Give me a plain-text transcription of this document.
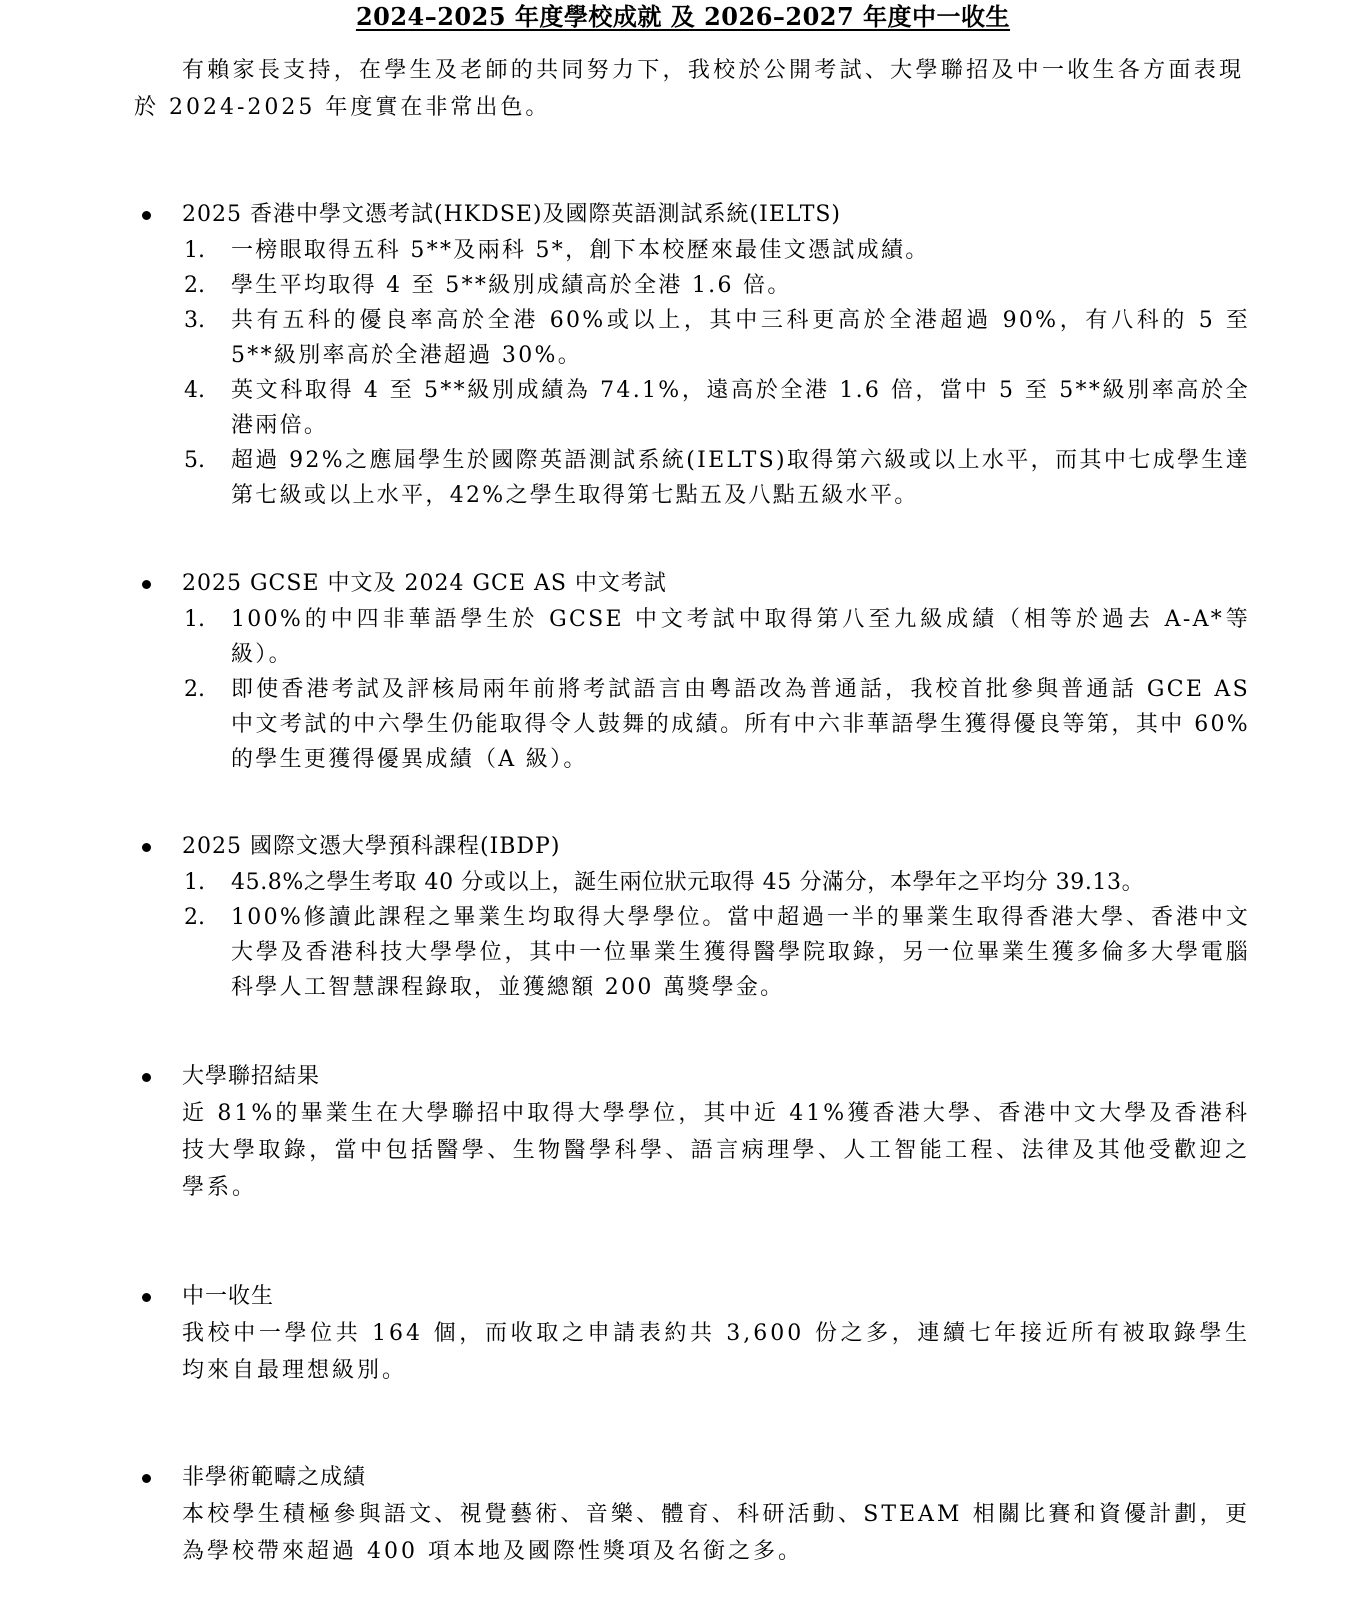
2024–2025 年度學校成就 及 2026–2027 年度中一收生
有賴家長支持，在學生及老師的共同努力下，我校於公開考試、大學聯招及中一收生各方面表現於 2024-2025 年度實在非常出色。
2025 香港中學文憑考試(HKDSE)及國際英語測試系統(IELTS)
1. 一榜眼取得五科 5**及兩科 5*，創下本校歷來最佳文憑試成績。
2. 學生平均取得 4 至 5**級別成績高於全港 1.6 倍。
3. 共有五科的優良率高於全港 60%或以上，其中三科更高於全港超過 90%，有八科的 5 至 5**級別率高於全港超過 30%。
4. 英文科取得 4 至 5**級別成績為 74.1%，遠高於全港 1.6 倍，當中 5 至 5**級別率高於全港兩倍。
5. 超過 92%之應屆學生於國際英語測試系統(IELTS)取得第六級或以上水平，而其中七成學生達第七級或以上水平，42%之學生取得第七點五及八點五級水平。
2025 GCSE 中文及 2024 GCE AS 中文考試
1. 100%的中四非華語學生於 GCSE 中文考試中取得第八至九級成績（相等於過去 A-A*等級）。
2. 即使香港考試及評核局兩年前將考試語言由粵語改為普通話，我校首批參與普通話 GCE AS 中文考試的中六學生仍能取得令人鼓舞的成績。所有中六非華語學生獲得優良等第，其中 60%的學生更獲得優異成績（A 級）。
2025 國際文憑大學預科課程(IBDP)
1. 45.8%之學生考取 40 分或以上，誕生兩位狀元取得 45 分滿分，本學年之平均分 39.13。
2. 100%修讀此課程之畢業生均取得大學學位。當中超過一半的畢業生取得香港大學、香港中文大學及香港科技大學學位，其中一位畢業生獲得醫學院取錄，另一位畢業生獲多倫多大學電腦科學人工智慧課程錄取，並獲總額 200 萬獎學金。
大學聯招結果
近 81%的畢業生在大學聯招中取得大學學位，其中近 41%獲香港大學、香港中文大學及香港科技大學取錄，當中包括醫學、生物醫學科學、語言病理學、人工智能工程、法律及其他受歡迎之學系。
中一收生
我校中一學位共 164 個，而收取之申請表約共 3,600 份之多，連續七年接近所有被取錄學生均來自最理想級別。
非學術範疇之成績
本校學生積極參與語文、視覺藝術、音樂、體育、科研活動、STEAM 相關比賽和資優計劃，更為學校帶來超過 400 項本地及國際性獎項及名銜之多。
